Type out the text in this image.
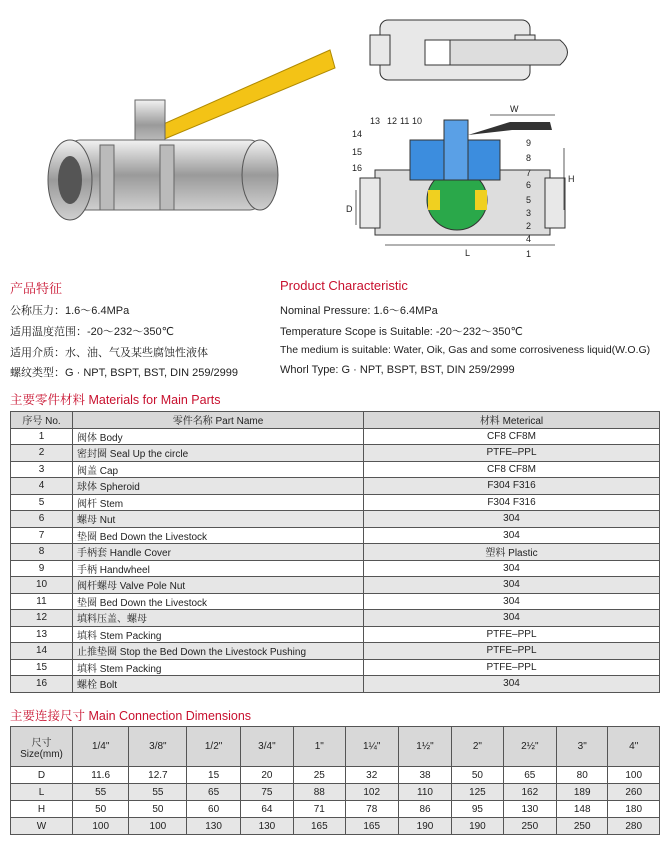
W
H
L
D
13 12 11 10
14
15
16
9
8
7
6
5
3
2
4
1
产品特征
公称压力：1.6～6.4MPa
适用温度范围：-20～232～350℃
适用介质：水、油、气及某些腐蚀性液体
螺纹类型：G · NPT, BSPT, BST, DIN 259/2999
Product Characteristic
Nominal Pressure: 1.6～6.4MPa
Temperature Scope is Suitable: -20～232～350℃
The medium is suitable: Water, Oik, Gas and some corrosiveness liquid(W.O.G)
Whorl Type: G · NPT, BSPT, BST, DIN 259/2999
主要零件材料 Materials for Main Parts
序号 No.	零件名称 Part Name	材料 Meterical
1	阀体 Body	CF8 CF8M
2	密封圈 Seal Up the circle	PTFE–PPL
3	阀盖 Cap	CF8 CF8M
4	球体 Spheroid	F304 F316
5	阀杆 Stem	F304 F316
6	螺母 Nut	304
7	垫圈 Bed Down the Livestock	304
8	手柄套 Handle Cover	塑料 Plastic
9	手柄 Handwheel	304
10	阀杆螺母 Valve Pole Nut	304
11	垫圈 Bed Down the Livestock	304
12	填料压盖、螺母	304
13	填料 Stem Packing	PTFE–PPL
14	止推垫圈 Stop the Bed Down the Livestock Pushing	PTFE–PPL
15	填料 Stem Packing	PTFE–PPL
16	螺栓 Bolt	304
主要连接尺寸 Main Connection Dimensions
尺寸
Size(mm)	1/4"	3/8"	1/2"	3/4"	1"	1¼"	1½"	2"	2½"	3"	4"
D	11.6	12.7	15	20	25	32	38	50	65	80	100
L	55	55	65	75	88	102	110	125	162	189	260
H	50	50	60	64	71	78	86	95	130	148	180
W	100	100	130	130	165	165	190	190	250	250	280
